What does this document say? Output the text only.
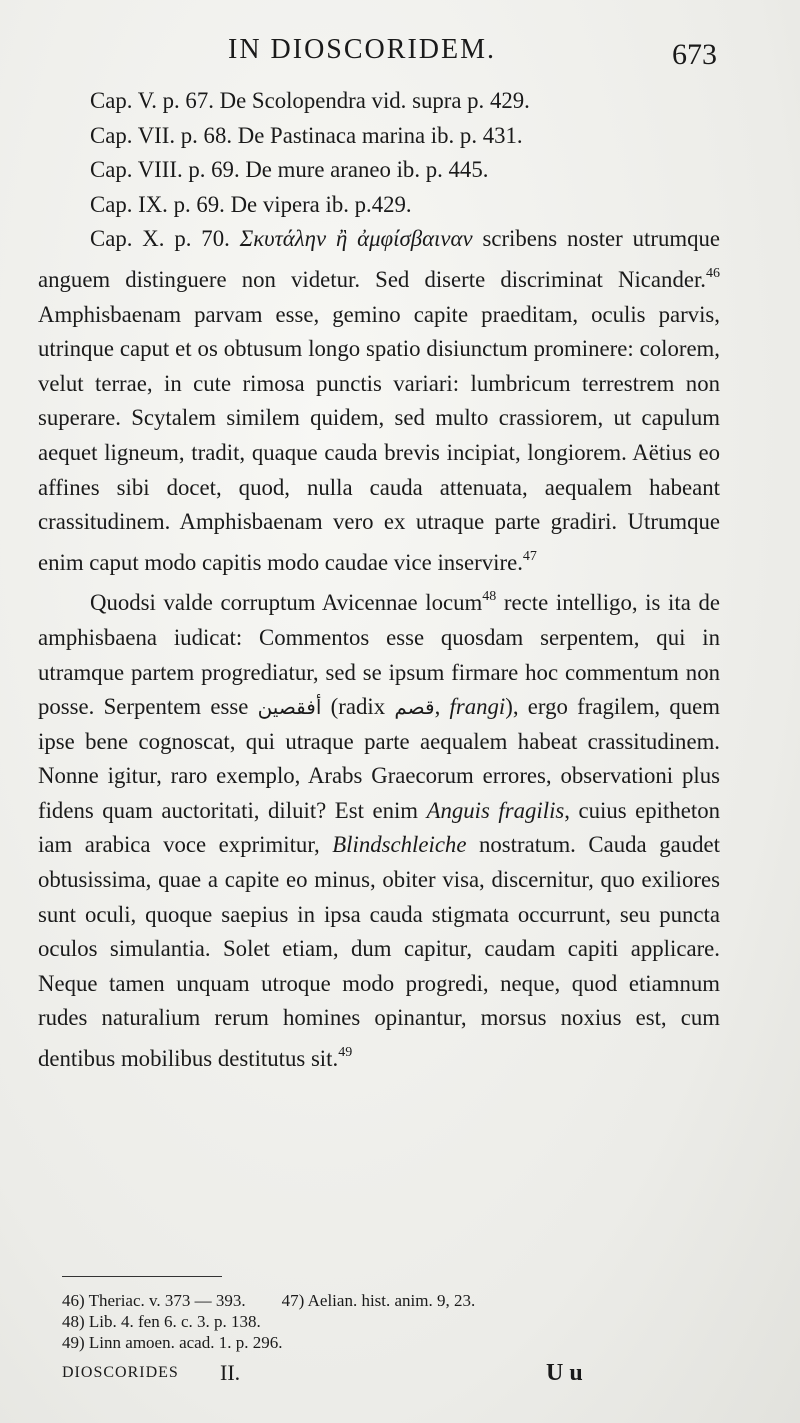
IN DIOSCORIDEM.	673
Cap. V. p. 67. De Scolopendra vid. supra p. 429.
Cap. VII. p. 68. De Pastinaca marina ib. p. 431.
Cap. VIII. p. 69. De mure araneo ib. p. 445.
Cap. IX. p. 69. De vipera ib. p.429.

Cap. X. p. 70. Σκυτάλην ἢ ἀμφίσβαιναν scribens noster utrumque anguem distinguere non videtur. Sed diserte discriminat Nicander.$^{46}$ Amphisbaenam parvam esse, gemino capite praeditam, oculis parvis, utrinque caput et os obtusum longo spatio disiunctum prominere: colorem, velut terrae, in cute rimosa punctis variari: lumbricum terrestrem non superare. Scytalem similem quidem, sed multo crassiorem, ut capulum aequet ligneum, tradit, quaque cauda brevis incipiat, longiorem. Aëtius eo affines sibi docet, quod, nulla cauda attenuata, aequalem habeant crassitudinem. Amphisbaenam vero ex utraque parte gradiri. Utrumque enim caput modo capitis modo caudae vice inservire.$^{47}$

Quodsi valde corruptum Avicennae locum$^{48}$ recte intelligo, is ita de amphisbaena iudicat: Commentos esse quosdam serpentem, qui in utramque partem progrediatur, sed se ipsum firmare hoc commentum non posse. Serpentem esse أفقصين (radix قصم, frangi), ergo fragilem, quem ipse bene cognoscat, qui utraque parte aequalem habeat crassitudinem. Nonne igitur, raro exemplo, Arabs Graecorum errores, observationi plus fidens quam auctoritati, diluit? Est enim Anguis fragilis, cuius epitheton iam arabica voce exprimitur, Blindschleiche nostratum. Cauda gaudet obtusissima, quae a capite eo minus, obiter visa, discernitur, quo exiliores sunt oculi, quoque saepius in ipsa cauda stigmata occurrunt, seu puncta oculos simulantia. Solet etiam, dum capitur, caudam capiti applicare. Neque tamen unquam utroque modo progredi, neque, quod etiamnum rudes naturalium rerum homines opinantur, morsus noxius est, cum dentibus mobilibus destitutus sit.$^{49}$

46) Theriac. v. 373 — 393. 47) Aelian. hist. anim. 9, 23.
48) Lib. 4. fen 6. c. 3. p. 138.
49) Linn amoen. acad. 1. p. 296.
DIOSCORIDES II.	U u
